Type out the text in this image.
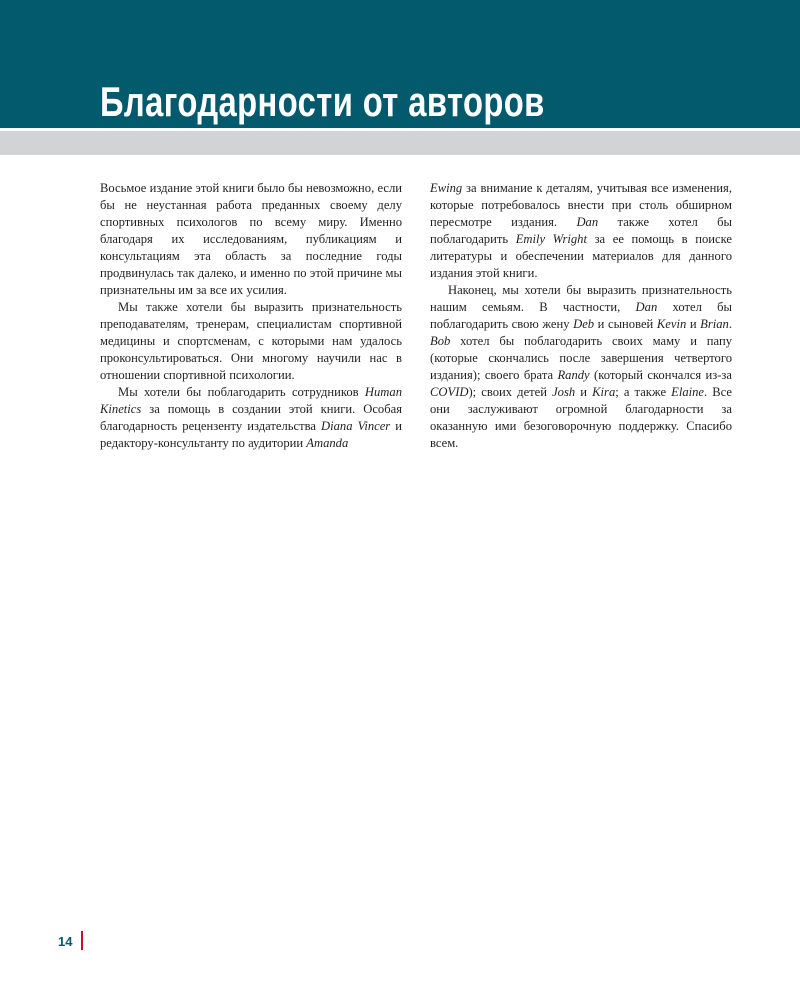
Благодарности от авторов

Восьмое издание этой книги было бы невозможно, если бы не неустанная работа преданных своему делу спортивных психологов по всему миру. Именно благодаря их исследованиям, публикациям и консультациям эта область за последние годы продвинулась так далеко, и именно по этой причине мы признательны им за все их усилия.

Мы также хотели бы выразить признательность преподавателям, тренерам, специалистам спортивной медицины и спортсменам, с которыми нам удалось проконсультироваться. Они многому научили нас в отношении спортивной психологии.

Мы хотели бы поблагодарить сотрудников Human Kinetics за помощь в создании этой книги. Особая благодарность рецензенту издательства Diana Vincer и редактору-консультанту по аудитории Amanda

Ewing за внимание к деталям, учитывая все изменения, которые потребовалось внести при столь обширном пересмотре издания. Dan также хотел бы поблагодарить Emily Wright за ее помощь в поиске литературы и обеспечении материалов для данного издания этой книги.

Наконец, мы хотели бы выразить признательность нашим семьям. В частности, Dan хотел бы поблагодарить свою жену Deb и сыновей Kevin и Brian. Bob хотел бы поблагодарить своих маму и папу (которые скончались после завершения четвертого издания); своего брата Randy (который скончался из-за COVID); своих детей Josh и Kira; а также Elaine. Все они заслуживают огромной благодарности за оказанную ими безоговорочную поддержку. Спасибо всем.

14
